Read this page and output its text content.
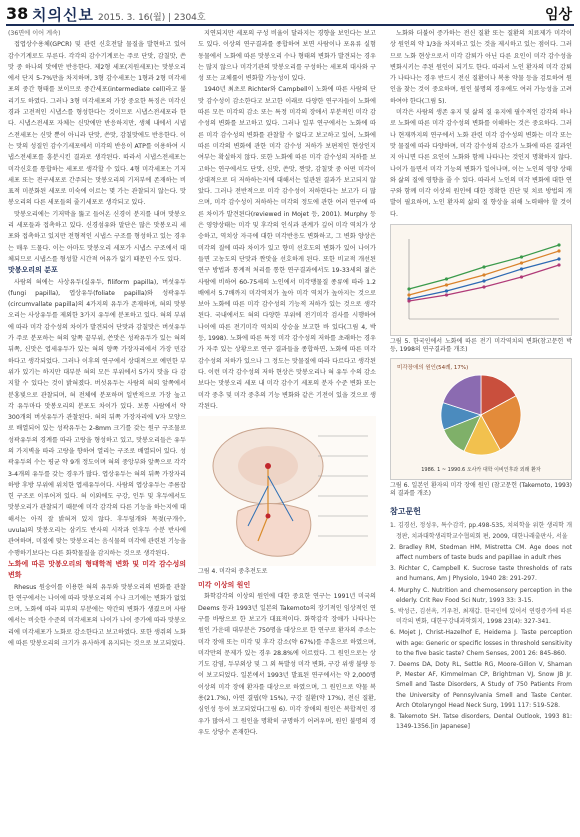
38 치의신보 2015. 3. 16(월) | 2304호	임상

(36면에 이어 계속)

접엽상수용체(GPCR) 및 관련 신호전달 물질을 발현하고 있어 감수기계로도 부른다. 각각의 감수기계로는 주로 단맛, 감칠맛, 쓴맛 중 하나의 맛에만 반응한다. 제2형 세포(지원세포)는 맛봉오리에서 단지 5-7%만을 차지하며, 3형 감수세포는 1형과 2형 미각세포의 중간 형태를 보이므로 중간세포(intermediate cell)라고 불리기도 하였다. 그러나 3형 미각세포의 가장 중요한 특징은 미각신경과 고전적인 시냅스를 형성한다는 것이므로 시냅스전세포라 한다. 시냅스전세포 자체는 신맛에만 반응하지만, 생체 내에서 시냅스전세포는 신맛 뿐이 아니라 단맛, 쓴맛, 감칠맛에도 반응한다. 이는 맛의 성질인 감수기세포에서 미각의 반응이 ATP를 이용하여 시냅스전세포를 흥분시킨 결과로 생각된다. 따라서 시냅스전세포는 미각신호를 통합하는 세포로 생각할 수 있다. 4형 미각세포는 기저세포 또는 전구세포로 간주되는 맛봉오리의 기저부에 존재하는 비표적 미분화된 세포로 미숙에 이르는 몇 가는 관찰되지 않는다. 맛봉오리의 다른 세포들의 줄기세포로 생각되고 있다.

맛봉오리에는 기저막을 뚫고 들어온 신경이 분지를 내며 맛봉오리 세포들과 접촉하고 있다. 신경섬유와 말단은 많은 맛봉오리 세포와 접촉하고 있지만 전형적인 시냅스 구조를 형성하고 있는 경우는 매우 드물다. 이는 아마도 맛봉오리 세포가 시냅스 구조에서 대체되므로 시냅스를 형성할 시간적 여유가 없기 때문인 수도 있다.

맛봉오리의 분포

사람의 혀에는 사상유두(실유두, filiform papilla), 버섯유두(fungi papilla), 엽상유두(foliate papilla)와 성곽유두(circumvallate papilla)의 4가지의 유두가 존재하며, 혀의 맛봉오리는 사상유두를 제외한 3가지 유두에 분포하고 있다. 혀의 부위에 따라 미각 감수성의 차이가 발견되어 단맛과 감칠맛은 버섯유두가 주로 분포하는 혀의 앞쪽 끝부위, 쓴맛은 성곽유두가 있는 혀의 뒤쪽, 신맛은 엽세유두가 있는 혀의 양쪽 가장자리에서 가장 민감하다고 생각되었다. 그러나 이후의 연구에서 상대적으로 예민한 부위가 있기는 하지만 대부분 혀의 모든 부위에서 5가지 맛을 다 감지할 수 있다는 것이 밝혀졌다. 버섯유두는 사람의 혀의 앞쪽에서 분홍빛으로 관찰되며, 혀 전체에 분포하며 일반적으로 가장 높고 각 유두마다 맛봉오리의 분포도 차이가 있다. 보통 사람에서 약 300개의 버섯유두가 관찰된다. 혀의 뒤쪽 가장자리에 V자 모양으로 배열되어 있는 성곽유두는 2-8mm 크기를 갖는 원구 구조물로 성곽유두의 경계를 따라 고랑을 형성하고 있고, 맛봉오리들은 유두의 가지벽을 따라 고랑을 향하여 열리는 구조로 배열되어 있다. 성곽유두의 수는 평균 약 9개 정도이며 혀의 중앙부와 앞쪽으로 각각 3-4개의 유두를 갖는 경우가 많다. 엽상유두는 혀의 뒤쪽 가장자리 하방 후방 부위에 위치한 엽세유두이다. 사람의 엽상유두는 주름잡힌 구조로 이루어져 있다. 혀 이외에도 구강, 인두 및 후두에서도 맛봉오리가 관찰되기 때문에 미각 감각의 다른 기능을 하는지에 대해서는 아직 잘 밝혀져 있지 않다. 후두덮개와 목젖(구개수, uvula)의 맛봉오리는 삼키도 반사의 시작과 인후두 수분 반사에 관여하며, 미질에 맞는 맛봉오리는 음식물의 미각에 관련된 기능을 수행하기보다는 다른 화학물질을 감지하는 것으로 생각된다.

노화에 따른 맛봉오리의 형태학적 변화 및 미각 감수성의 변화

Rhesus 원숭이를 이용한 혀의 유두와 맛봉오리의 변화를 관찰한 연구에서는 나이에 따라 맛봉오리의 수나 크기에는 변화가 없었으며, 노화에 따라 피부의 부분에는 약간의 변화가 생겼으며 사람에서는 비슷한 수준의 미각세포의 나이가 나이 증가에 따라 맛봉오리에 미각세포가 노화로 감소한다고 보고하였다. 또한 생쥐의 노화에 따른 맛봉오리의 크기가 유사하게 유지되는 것으로 보고되었다.

지연되지만 세포의 구성 비율이 달라지는 경향을 보인다는 보고도 있다. 이상의 연구결과를 종합하여 보면 사람이나 포유류 실험동물에서 노화에 따른 맛봉오리 수나 형태의 변화가 발견되는 경우는 많지 않으나 미각기관의 맛봉오리를 구성하는 세포의 대사와 구성 또는 교체률이 변화할 가능성이 있다.

1940년 최초로 Richter와 Campbell이 노화에 따른 사람의 단맛 감수성이 감소한다고 보고한 이래로 다양한 연구자들이 노화에 따른 모든 미각의 감소 또는 특정 미각의 장애서 부분적인 미각 감수성의 변화를 보고하고 있다. 그러나 일부 연구에서는 노화에 따른 미각 감수성의 변화를 관찰할 수 없다고 보고하고 있어, 노화에 따른 미각의 변화에 관한 미각 감수성 저하가 보편적인 현상인지 여부는 확실하지 않다. 또한 노화에 따른 미각 감수성의 저하를 보고하는 연구에서도 단맛, 신맛, 쓴맛, 짠맛, 감칠맛 중 어떤 미각이 상대적으로 더 저하하는지에 대해서는 일관된 결과가 보고되지 않았다. 그러나 전반적으로 미각 감수성이 저하한다는 보고가 더 많으며, 미각 감수성이 저하하는 미각의 정도에 관한 여러 연구에 따른 차이가 발견된다(reviewed in Mojet 등, 2001). Murphy 등은 영양상태는 미각 및 후각의 인식과 관계가 깊어 미각 역치가 상승하고, 역치상 자극에 대한 미각반응도 변화하고, 그 변화 양상은 미각의 질에 따라 차이가 있고 향미 선호도의 변화가 있어 나이가 들면 고농도의 단맛과 짠맛을 선호하게 된다. 또한 비교적 개선된 연구 방법과 통계적 처리를 통한 연구결과에서도 19-33세의 젊은 사람에 비하여 60-75세의 노인에서 미각맹물질 종류에 따라 1.2배에서 5.7배까지 미각역치가 높아 미각 역치가 높아지는 것으로 보아 노화에 따른 미각 감수성의 기능적 저하가 있는 것으로 생각된다. 국내에서도 혀의 다양한 부위에 전기미각 검사를 시행하여 나이에 따른 전기미각 역치의 상승을 보고한 바 있다(그림 4, 박 등, 1998). 노화에 따른 특정 미각 감수성의 저하를 초래하는 경우가 자주 있는 상황으로 연구 결과들을 종합하면, 노화에 따른 미각 감수성의 저하가 있으나 그 정도는 맛물질에 따라 다르다고 생각된다. 이런 미각 감수성의 저하 현상은 맛봉오리나 혀 유두 수의 감소보다는 맛봉오리 세포 내 미각 감수기 세포의 분자 수준 변화 또는 미각 중추 및 미각 중추의 기능 변화와 같은 기전이 있을 것으로 생각된다.

그림 4. 미각의 중추전도로

미각 이상의 원인

화학감각의 이상의 원인에 대한 중요한 연구는 1991년 미국의 Deems 등과 1993년 일본의 Takemoto의 장기적인 임상적인 연구를 바탕으로 한 보고가 대표적이다. 화학감각 장애가 나타나는 원인 가운데 대부분은 750명을 대상으로 한 연구로 환자의 주소는 미각 장애 또는 미각 및 후각 감소(약 67%)를 주훈으로 하였으며, 미각만의 문제가 있는 경우 28.8%에 이르렀다. 그 원인으로는 상기도 감염, 두부외상 및 그 외 특발성 미각 변화, 구강 위생 불량 등이 보고되었다. 일본에서 1993년 발표된 연구에서는 약 2,000명 이상의 미각 장애 환자를 대상으로 하였으며, 그 원인으로 약물 복용(21.7%), 아연 결핍(약 15%), 구강 질환(약 17%), 전신 질환, 심인성 등이 보고되었다(그림 6). 미각 장애의 원인은 복합적인 경우가 많아서 그 원인을 명확히 규명하기 어려우며, 원인 불명의 경우도 상당수 존재한다.

노화와 더불어 증가하는 전신 질환 또는 질환의 치료제가 미각이상 원인의 약 1/3을 차지하고 있는 것을 제시하고 있는 점이다. 그러므로 노화 현상으로서 미각 감퇴가 아닌 다른 요인이 미각 감수성을 변화시키는 주된 원인이 되기도 한다. 따라서 노인 환자의 미각 감퇴가 나타나는 경우 반드시 전신 질환이나 복용 약물 등을 검토하여 원인을 찾는 것이 중요하며, 원인 불명의 경우에도 여러 가능성을 고려하여야 한다(그림 5).

미각은 사람의 생존 유지 및 삶의 질 유지에 필수적인 감각의 하나로 노화에 따른 미각 감수성의 변화를 이해하는 것은 중요하다. 그러나 현재까지의 연구에서 노화 관련 미각 감수성의 변화는 미각 또는 맛 물질에 따라 다양하며, 미각 감수성의 감소가 노화에 따른 결과인지 아니면 다른 요인이 노화와 함께 나타나는 것인지 명확하지 않다. 나이가 들면서 미각 기능의 변화가 일어나며, 이는 노인의 영양 상태와 삶의 질에 영향을 줄 수 있다. 따라서 노인의 미각 변화에 대한 연구와 함께 미각 이상의 원인에 대한 정확한 진단 및 치료 방법의 개발이 필요하며, 노인 환자의 삶의 질 향상을 위해 노력해야 할 것이다.

그림 5. 한국인에서 노화에 따른 전기 미각역치의 변화(참고문헌 박 등, 1998의 연구결과를 개조)
미각장애의 원인(54례, 17%)
1986. 1 ~ 1990.6 오사카 대학 이비인후과 외래 환자
그림 6. 일본인 환자의 미각 장애 원인 (참고문헌 (Takemoto, 1993)의 결과를 개조)
참고문헌
1. 김경선, 정성우, 특수감각, pp.498-535, 치의학을 위한 생리학 개정판, 치과대학생리학교수협의회 편, 2009, 대한나래출판사, 서울
2. Bradley RM, Stedman HM, Mistretta CM. Age does not affect numbers of taste buds and papillae in adult rhes
3. Richter C, Campbell K. Sucrose taste thresholds of rats and humans, Am J Physiolo, 1940 28: 291-297.
4. Murphy C. Nutrition and chemosensory perception in the elderly. Crit Rev Food Sci Nutr, 1993 33: 3-15.
5. 박성근, 김선옥, 기우천, 최재갑. 한국인에 있어서 연령증가에 따른 미각의 변화, 대한구강내과학회지, 1998 23(4): 327-341.
6. Mojet J, Christ-Hazelhof E, Heidema J. Taste perception with age: Generic or specific losses in threshold sensitivity to the five basic taste? Chem Senses, 2001 26: 845-860.
7. Deems DA, Doty RL, Settle RG, Moore-Gillon V, Shaman P, Mester AF, Kimmelman CP, Brightman VJ, Snow JB Jr. Smell and Taste Disorders, A Study of 750 Patients From the University of Pennsylvania Smell and Taste Center. Arch Otolaryngol Head Neck Surg, 1991 117: 519-528.
8. Takemoto SH. Tatse disorders, Dental Outlook, 1993 81: 1349-1356.[in Japanese]
